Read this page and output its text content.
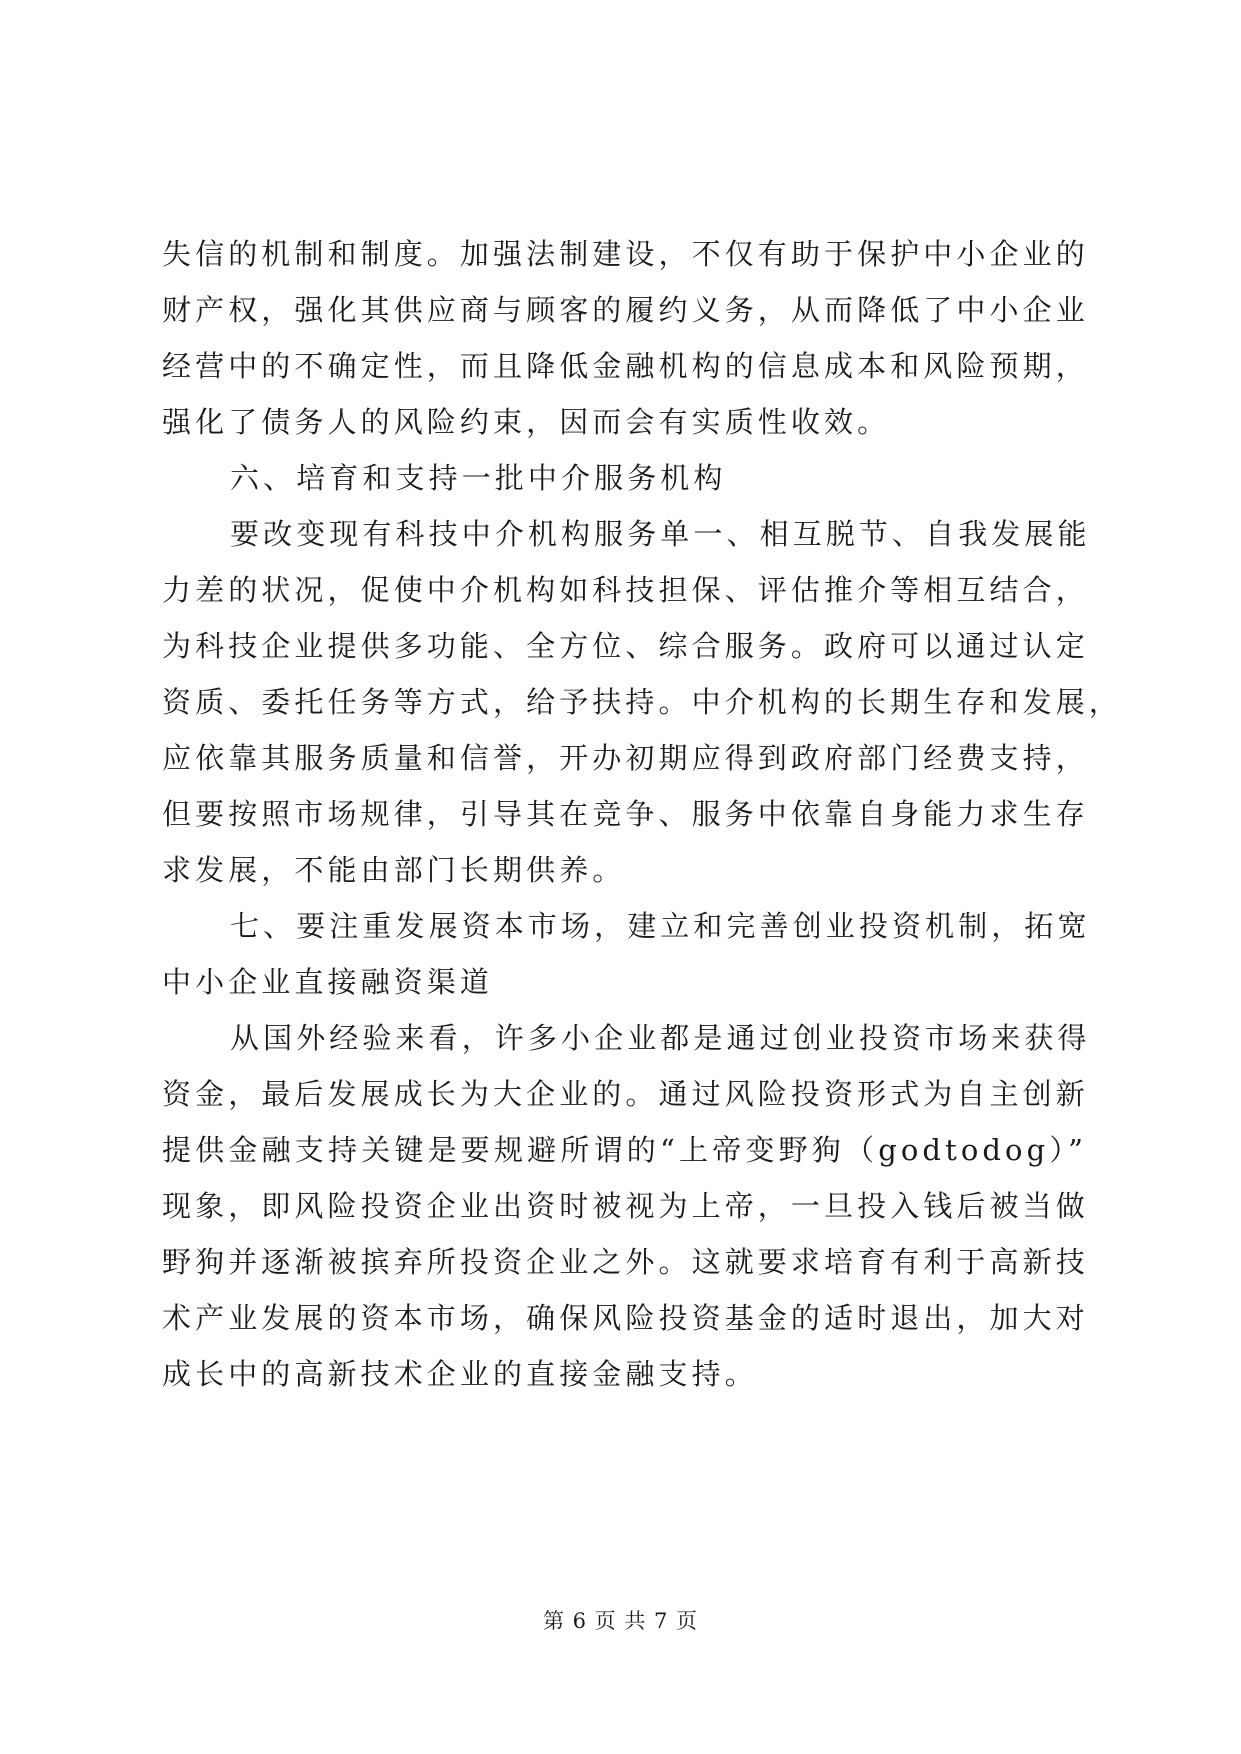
失信的机制和制度。加强法制建设，不仅有助于保护中小企业的
财产权，强化其供应商与顾客的履约义务，从而降低了中小企业
经营中的不确定性，而且降低金融机构的信息成本和风险预期，
强化了债务人的风险约束，因而会有实质性收效。
六、培育和支持一批中介服务机构
要改变现有科技中介机构服务单一、相互脱节、自我发展能
力差的状况，促使中介机构如科技担保、评估推介等相互结合，
为科技企业提供多功能、全方位、综合服务。政府可以通过认定
资质、委托任务等方式，给予扶持。中介机构的长期生存和发展，
应依靠其服务质量和信誉，开办初期应得到政府部门经费支持，
但要按照市场规律，引导其在竞争、服务中依靠自身能力求生存
求发展，不能由部门长期供养。
七、要注重发展资本市场，建立和完善创业投资机制，拓宽
中小企业直接融资渠道
从国外经验来看，许多小企业都是通过创业投资市场来获得
资金，最后发展成长为大企业的。通过风险投资形式为自主创新
提供金融支持关键是要规避所谓的“上帝变野狗（godtodog）”
现象，即风险投资企业出资时被视为上帝，一旦投入钱后被当做
野狗并逐渐被摈弃所投资企业之外。这就要求培育有利于高新技
术产业发展的资本市场，确保风险投资基金的适时退出，加大对
成长中的高新技术企业的直接金融支持。
第 6 页 共 7 页
